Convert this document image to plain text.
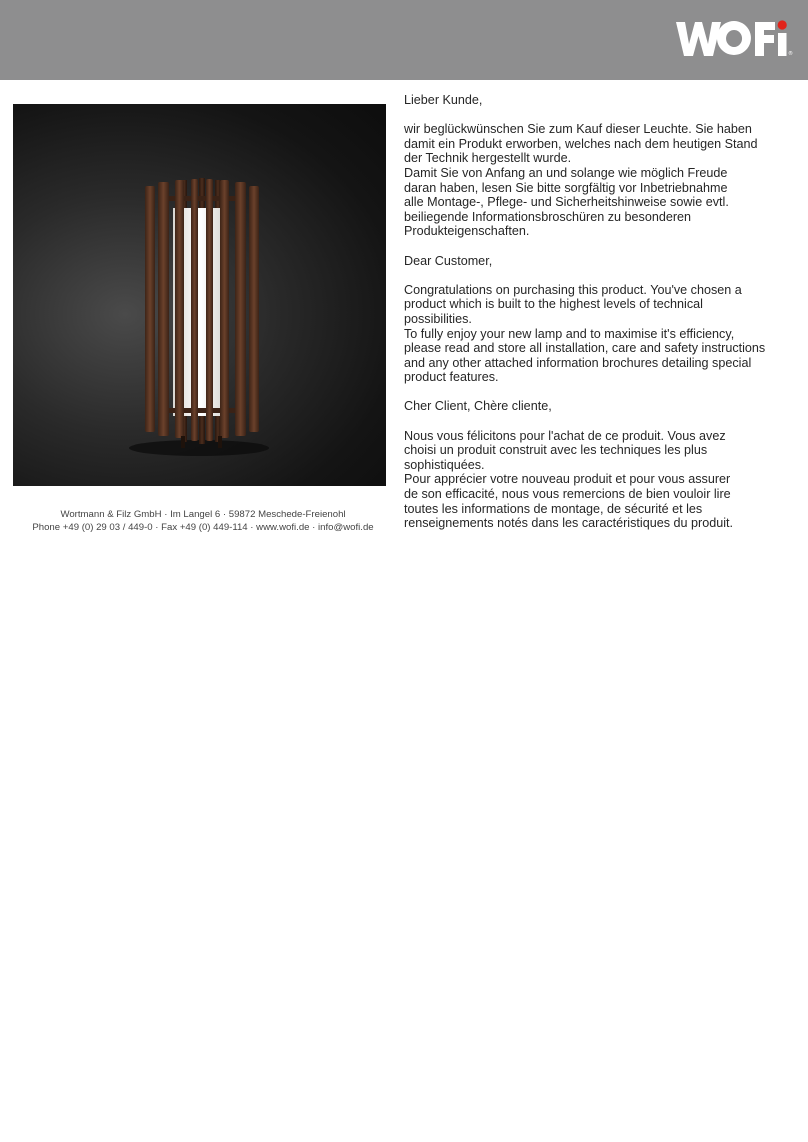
®
Wortmann & Filz GmbH · Im Langel 6 · 59872 Meschede-Freienohl
Phone +49 (0) 29 03 / 449-0 · Fax +49 (0) 449-114 · www.wofi.de · info@wofi.de

Lieber Kunde,

wir beglückwünschen Sie zum Kauf dieser Leuchte. Sie haben
damit ein Produkt erworben, welches nach dem heutigen Stand
der Technik hergestellt wurde.
Damit Sie von Anfang an und solange wie möglich Freude
daran haben, lesen Sie bitte sorgfältig vor Inbetriebnahme
alle Montage-, Pflege- und Sicherheitshinweise sowie evtl.
beiliegende Informationsbroschüren zu besonderen
Produkteigenschaften.

Dear Customer,

Congratulations on purchasing this product. You've chosen a
product which is built to the highest levels of technical
possibilities.
To fully enjoy your new lamp and to maximise it's efficiency,
please read and store all installation, care and safety instructions
and any other attached information brochures detailing special
product features.

Cher Client, Chère cliente,

Nous vous félicitons pour l'achat de ce produit. Vous avez
choisi un produit construit avec les techniques les plus
sophistiquées.
Pour apprécier votre nouveau produit et pour vous assurer
de son efficacité, nous vous remercions de bien vouloir lire
toutes les informations de montage, de sécurité et les
renseignements notés dans les caractéristiques du produit.
